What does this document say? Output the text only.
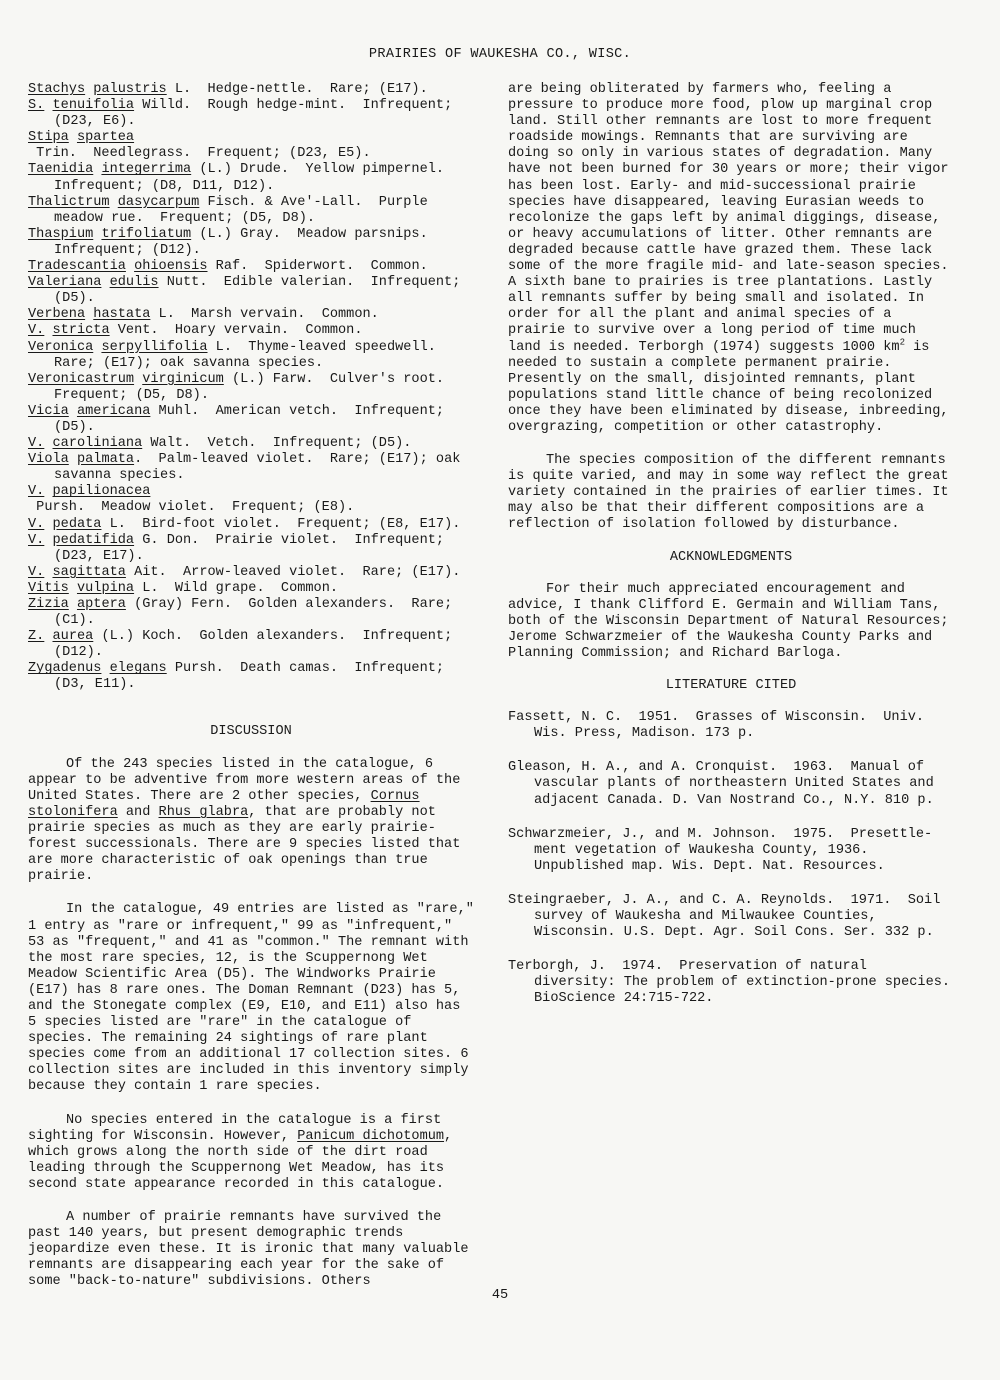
PRAIRIES OF WAUKESHA CO., WISC.
Stachys palustris L.  Hedge-nettle.  Rare; (E17).
S. tenuifolia Willd.  Rough hedge-mint.  Infrequent;
(D23, E6).
Stipa spartea Trin.  Needlegrass.  Frequent; (D23, E5).
Taenidia integerrima (L.) Drude.  Yellow pimpernel.
Infrequent; (D8, D11, D12).
Thalictrum dasycarpum Fisch. & Ave'-Lall.  Purple
meadow rue.  Frequent; (D5, D8).
Thaspium trifoliatum (L.) Gray.  Meadow parsnips.
Infrequent; (D12).
Tradescantia ohioensis Raf.  Spiderwort.  Common.
Valeriana edulis Nutt.  Edible valerian.  Infrequent;
(D5).
Verbena hastata L.  Marsh vervain.  Common.
V. stricta Vent.  Hoary vervain.  Common.
Veronica serpyllifolia L.  Thyme-leaved speedwell.
Rare; (E17); oak savanna species.
Veronicastrum virginicum (L.) Farw.  Culver's root.
Frequent; (D5, D8).
Vicia americana Muhl.  American vetch.  Infrequent;
(D5).
V. caroliniana Walt.  Vetch.  Infrequent; (D5).
Viola palmata.  Palm-leaved violet.  Rare; (E17); oak
savanna species.
V. papilionacea Pursh.  Meadow violet.  Frequent; (E8).
V. pedata L.  Bird-foot violet.  Frequent; (E8, E17).
V. pedatifida G. Don.  Prairie violet.  Infrequent;
(D23, E17).
V. sagittata Ait.  Arrow-leaved violet.  Rare; (E17).
Vitis vulpina L.  Wild grape.  Common.
Zizia aptera (Gray) Fern.  Golden alexanders.  Rare;
(C1).
Z. aurea (L.) Koch.  Golden alexanders.  Infrequent;
(D12).
Zygadenus elegans Pursh.  Death camas.  Infrequent;
(D3, E11).
DISCUSSION

Of the 243 species listed in the catalogue, 6 appear to be adventive from more western areas of the United States. There are 2 other species, Cornus stolonifera and Rhus glabra, that are probably not prairie species as much as they are early prairie-forest successionals. There are 9 species listed that are more characteristic of oak openings than true prairie.

In the catalogue, 49 entries are listed as "rare," 1 entry as "rare or infrequent," 99 as "infrequent," 53 as "frequent," and 41 as "common." The remnant with the most rare species, 12, is the Scuppernong Wet Meadow Scientific Area (D5). The Windworks Prairie (E17) has 8 rare ones. The Doman Remnant (D23) has 5, and the Stonegate complex (E9, E10, and E11) also has 5 species listed are "rare" in the catalogue of species. The remaining 24 sightings of rare plant species come from an additional 17 collection sites. 6 collection sites are included in this inventory simply because they contain 1 rare species.

No species entered in the catalogue is a first sighting for Wisconsin. However, Panicum dichotomum, which grows along the north side of the dirt road leading through the Scuppernong Wet Meadow, has its second state appearance recorded in this catalogue.

A number of prairie remnants have survived the past 140 years, but present demographic trends jeopardize even these. It is ironic that many valuable remnants are disappearing each year for the sake of some "back-to-nature" subdivisions. Others

are being obliterated by farmers who, feeling a pressure to produce more food, plow up marginal crop land. Still other remnants are lost to more frequent roadside mowings. Remnants that are surviving are doing so only in various states of degradation. Many have not been burned for 30 years or more; their vigor has been lost. Early- and mid-successional prairie species have disappeared, leaving Eurasian weeds to recolonize the gaps left by animal diggings, disease, or heavy accumulations of litter. Other remnants are degraded because cattle have grazed them. These lack some of the more fragile mid- and late-season species. A sixth bane to prairies is tree plantations. Lastly all remnants suffer by being small and isolated. In order for all the plant and animal species of a prairie to survive over a long period of time much land is needed. Terborgh (1974) suggests 1000 $km^2$ is needed to sustain a complete permanent prairie. Presently on the small, disjointed remnants, plant populations stand little chance of being recolonized once they have been eliminated by disease, inbreeding, overgrazing, competition or other catastrophy.

The species composition of the different remnants is quite varied, and may in some way reflect the great variety contained in the prairies of earlier times. It may also be that their different compositions are a reflection of isolation followed by disturbance.

ACKNOWLEDGMENTS

For their much appreciated encouragement and advice, I thank Clifford E. Germain and William Tans, both of the Wisconsin Department of Natural Resources; Jerome Schwarzmeier of the Waukesha County Parks and Planning Commission; and Richard Barloga.

LITERATURE CITED
Fassett, N. C.  1951.  Grasses of Wisconsin.  Univ.
Wis. Press, Madison. 173 p.
Gleason, H. A., and A. Cronquist.  1963.  Manual of
vascular plants of northeastern United States and adjacent Canada. D. Van Nostrand Co., N.Y. 810 p.
Schwarzmeier, J., and M. Johnson.  1975.  Presettle-
ment vegetation of Waukesha County, 1936. Unpublished map. Wis. Dept. Nat. Resources.
Steingraeber, J. A., and C. A. Reynolds.  1971.  Soil
survey of Waukesha and Milwaukee Counties, Wisconsin. U.S. Dept. Agr. Soil Cons. Ser. 332 p.
Terborgh, J.  1974.  Preservation of natural
diversity: The problem of extinction-prone species. BioScience 24:715-722.
45
